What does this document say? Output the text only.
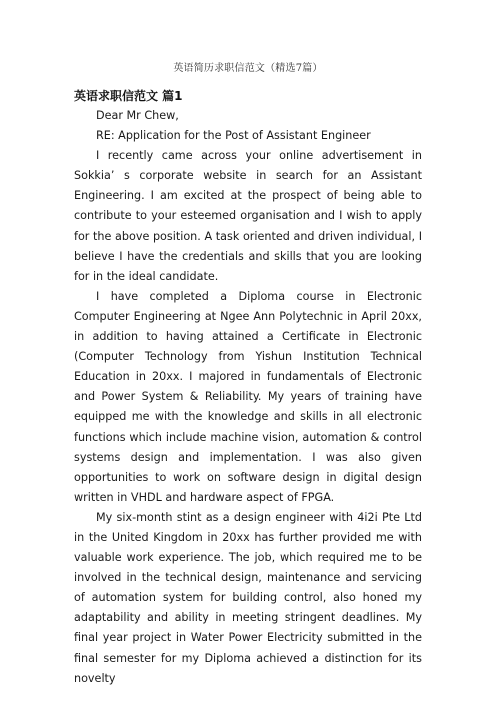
英语简历求职信范文（精选7篇）
英语求职信范文 篇1

Dear Mr Chew,

RE: Application for the Post of Assistant Engineer

I recently came across your online advertisement in Sokkia’ s corporate website in search for an Assistant Engineering. I am excited at the prospect of being able to contribute to your esteemed organisation and I wish to apply for the above position. A task oriented and driven individual, I believe I have the credentials and skills that you are looking for in the ideal candidate.

I have completed a Diploma course in Electronic Computer Engineering at Ngee Ann Polytechnic in April 20xx, in addition to having attained a Certificate in Electronic (Computer Technology from Yishun Institution Technical Education in 20xx. I majored in fundamentals of Electronic and Power System & Reliability. My years of training have equipped me with the knowledge and skills in all electronic functions which include machine vision, automation & control systems design and implementation. I was also given opportunities to work on software design in digital design written in VHDL and hardware aspect of FPGA.

My six-month stint as a design engineer with 4i2i Pte Ltd in the United Kingdom in 20xx has further provided me with valuable work experience. The job, which required me to be involved in the technical design, maintenance and servicing of automation system for building control, also honed my adaptability and ability in meeting stringent deadlines. My final year project in Water Power Electricity submitted in the final semester for my Diploma achieved a distinction for its novelty
